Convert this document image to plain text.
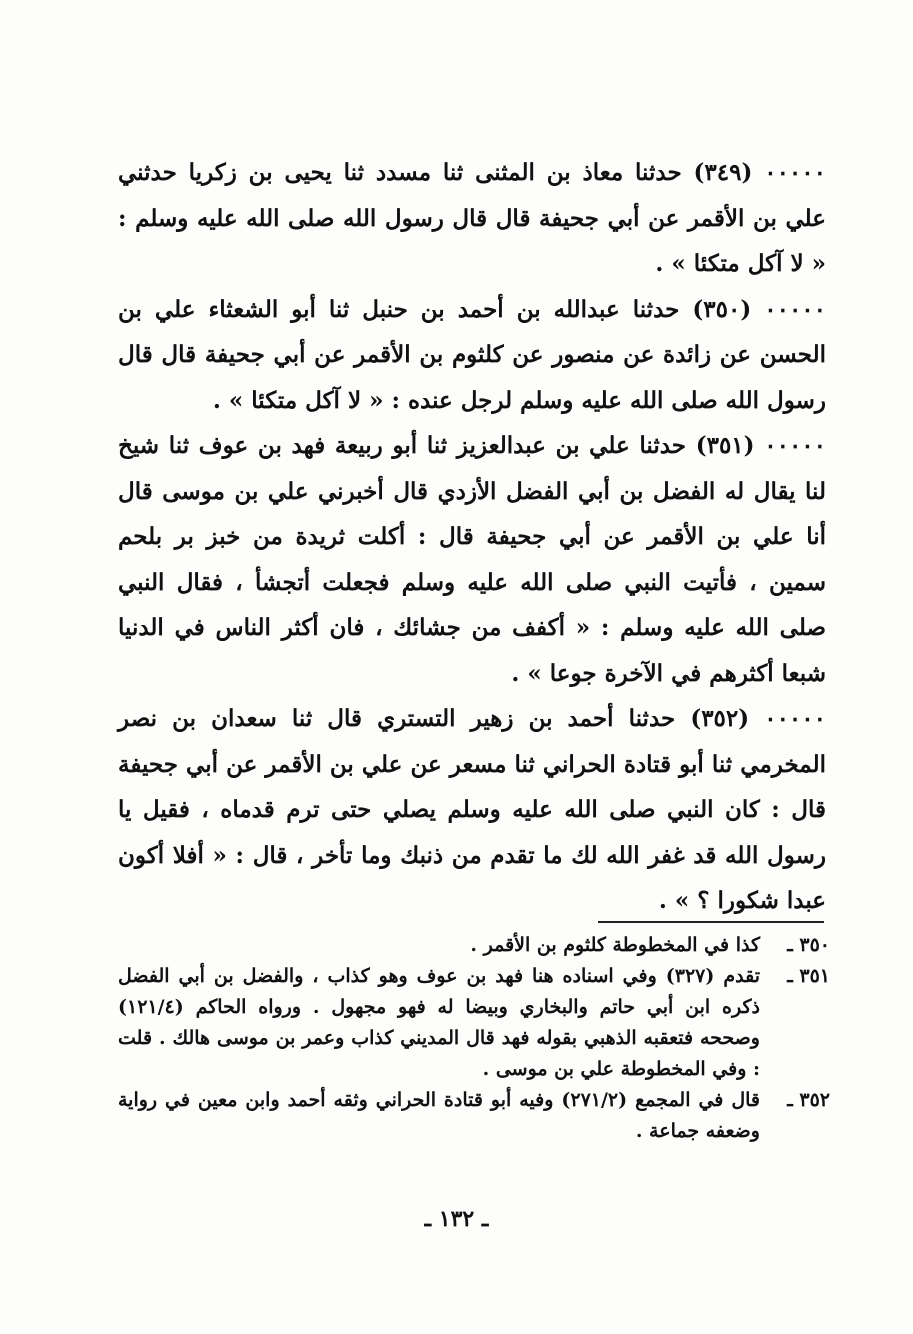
٠٠٠٠٠ (٣٤٩) حدثنا معاذ بن المثنى ثنا مسدد ثنا يحيى بن زكريا حدثني علي بن الأقمر عن أبي جحيفة قال قال رسول الله صلى الله عليه وسلم : « لا آكل متكئا » .

٠٠٠٠٠ (٣٥٠) حدثنا عبدالله بن أحمد بن حنبل ثنا أبو الشعثاء علي بن الحسن عن زائدة عن منصور عن كلثوم بن الأقمر عن أبي جحيفة قال قال رسول الله صلى الله عليه وسلم لرجل عنده : « لا آكل متكئا » .

٠٠٠٠٠ (٣٥١) حدثنا علي بن عبدالعزيز ثنا أبو ربيعة فهد بن عوف ثنا شيخ لنا يقال له الفضل بن أبي الفضل الأزدي قال أخبرني علي بن موسى قال أنا علي بن الأقمر عن أبي جحيفة قال : أكلت ثريدة من خبز بر بلحم سمين ، فأتيت النبي صلى الله عليه وسلم فجعلت أتجشأ ، فقال النبي صلى الله عليه وسلم : « أكفف من جشائك ، فان أكثر الناس في الدنيا شبعا أكثرهم في الآخرة جوعا » .

٠٠٠٠٠ (٣٥٢) حدثنا أحمد بن زهير التستري قال ثنا سعدان بن نصر المخرمي ثنا أبو قتادة الحراني ثنا مسعر عن علي بن الأقمر عن أبي جحيفة قال : كان النبي صلى الله عليه وسلم يصلي حتى ترم قدماه ، فقيل يا رسول الله قد غفر الله لك ما تقدم من ذنبك وما تأخر ، قال : « أفلا أكون عبدا شكورا ؟ » .

٣٥٠ ـ
كذا في المخطوطة كلثوم بن الأقمر .
٣٥١ ـ
تقدم (٣٢٧) وفي اسناده هنا فهد بن عوف وهو كذاب ، والفضل بن أبي الفضل ذكره ابن أبي حاتم والبخاري وبيضا له فهو مجهول . ورواه الحاكم (١٢١/٤) وصححه فتعقبه الذهبي بقوله فهد قال المديني كذاب وعمر بن موسى هالك . قلت : وفي المخطوطة علي بن موسى .
٣٥٢ ـ
قال في المجمع (٢٧١/٢) وفيه أبو قتادة الحراني وثقه أحمد وابن معين في رواية وضعفه جماعة .
ـ ١٣٢ ـ
